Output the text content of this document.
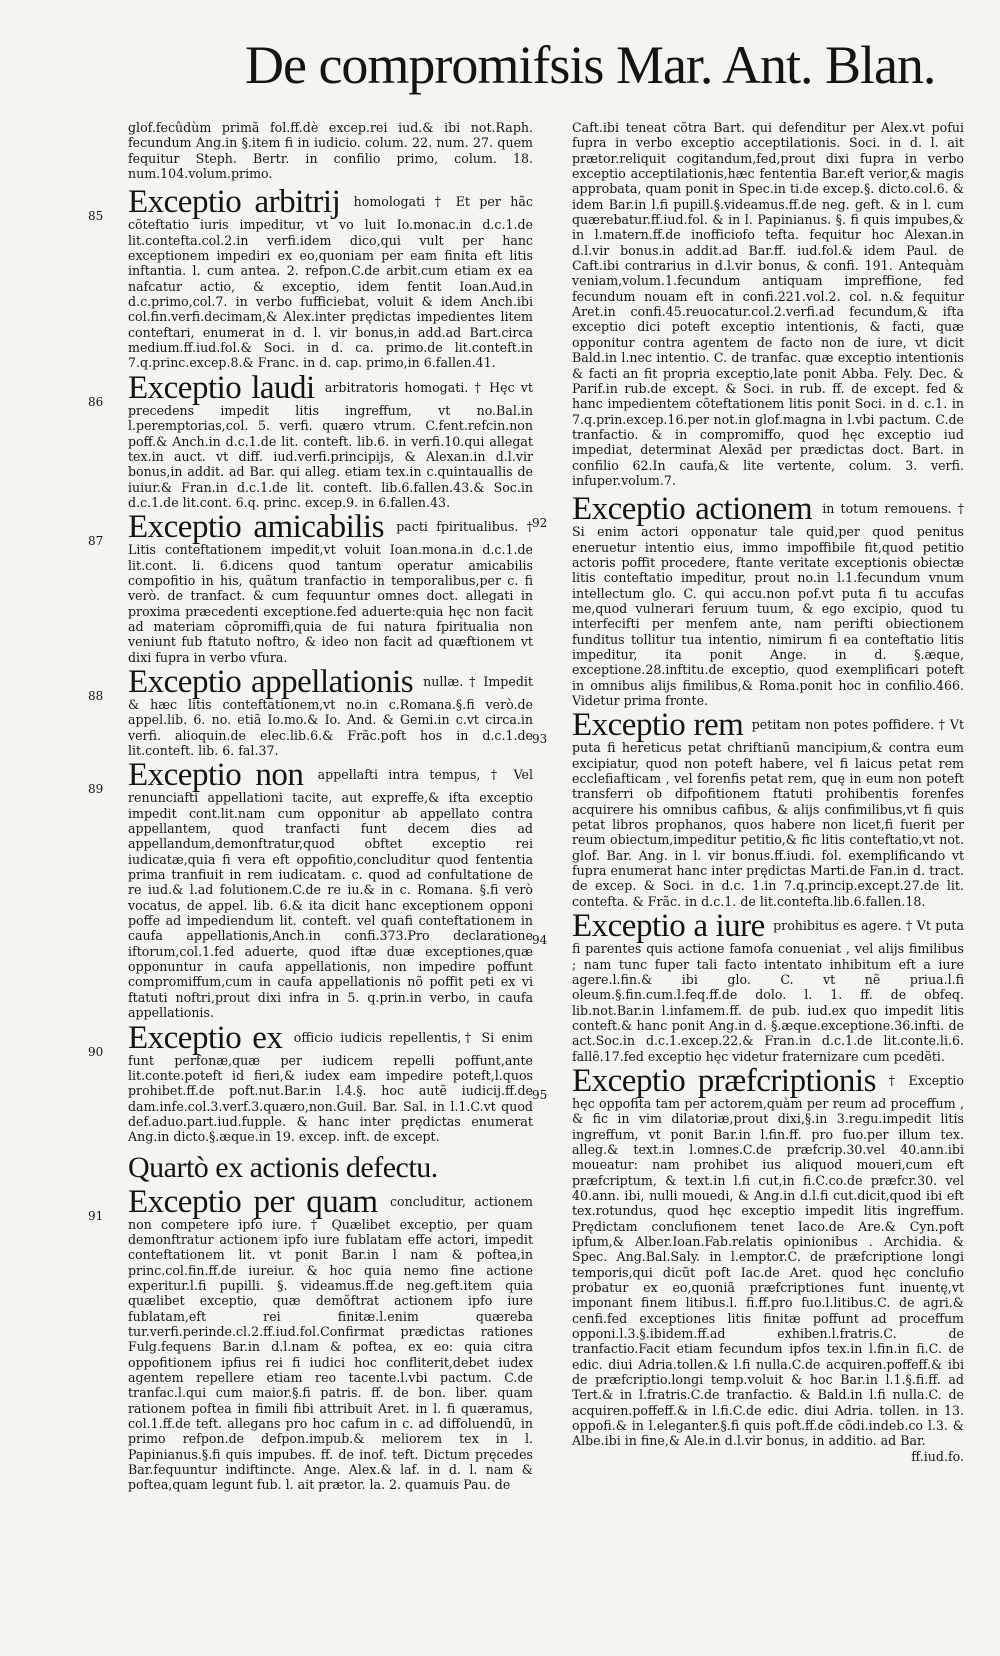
De compromifsis Mar. Ant. Blan.
glof.fecûdùm primã fol.ff.dè excep.rei iud.& ibi not.Raph. fecundum Ang.in §.item fi in iudicio. colum. 22. num. 27. quem fequitur Steph. Bertr. in confilio primo, colum. 18. num.104.volum.primo.
85 Exceptio arbitrij homologati † Et per hãc cõteftatio iuris impeditur, vt vo luit Io.monac.in d.c.1.de lit.contefta.col.2.in verfi.idem dico,qui vult per hanc exceptionem impediri ex eo,quoniam per eam finita eft litis inftantia. l. cum antea. 2. refpon.C.de arbit.cum etiam ex ea nafcatur actio, & exceptio, idem fentit Ioan.Aud.in d.c.primo,col.7. in verbo fufficiebat, voluit & idem Anch.ibi col.fin.verfi.decimam,& Alex.inter prędictas impedientes litem conteftari, enumerat in d. l. vir bonus,in add.ad Bart.circa medium.ff.iud.fol.& Soci. in d. ca. primo.de lit.conteft.in 7.q.princ.excep.8.& Franc. in d. cap. primo,in 6.fallen.41.
86 Exceptio laudi arbitratoris homogati. † Hęc vt precedens impedit litis ingreffum, vt no.Bal.in l.peremptorias,col. 5. verfi. quæro vtrum. C.fent.refcin.non poff.& Anch.in d.c.1.de lit. conteft. lib.6. in verfi.10.qui allegat tex.in auct. vt diff. iud.verfi.principijs, & Alexan.in d.l.vir bonus,in addit. ad Bar. qui alleg. etiam tex.in c.quintauallis de iuiur.& Fran.in d.c.1.de lit. conteft. lib.6.fallen.43.& Soc.in d.c.1.de lit.cont. 6.q. princ. excep.9. in 6.fallen.43.
87 Exceptio amicabilis pacti fpiritualibus. † Litis conteftationem impedit,vt voluit Ioan.mona.in d.c.1.de lit.cont. li. 6.dicens quod tantum operatur amicabilis compofitio in his, quãtum tranfactio in temporalibus,per c. fi verò. de tranfact. & cum fequuntur omnes doct. allegati in proxima præcedenti exceptione.fed aduerte:quia hęc non facit ad materiam cõpromiffi,quia de fui natura fpiritualia non veniunt fub ftatuto noftro, & ideo non facit ad quæftionem vt dixi fupra in verbo vfura.
88 Exceptio appellationis nullæ. † Impedit & hæc litis conteftationem,vt no.in c.Romana.§.fi verò.de appel.lib. 6. no. etiã Io.mo.& Io. And. & Gemi.in c.vt circa.in verfi. alioquin.de elec.lib.6.& Frãc.poft hos in d.c.1.de lit.conteft. lib. 6. fal.37.
89 Exceptio non appellafti intra tempus, † Vel renunciafti appellationi tacite, aut expreffe,& ifta exceptio impedit cont.lit.nam cum opponitur ab appellato contra appellantem, quod tranfacti funt decem dies ad appellandum,demonftratur,quod obftet exceptio rei iudicatæ,quia fi vera eft oppofitio,concluditur quod fententia prima tranfiuit in rem iudicatam. c. quod ad confultatione de re iud.& l.ad folutionem.C.de re iu.& in c. Romana. §.fi verò vocatus, de appel. lib. 6.& ita dicit hanc exceptionem opponi poffe ad impediendum lit. conteft. vel quafi conteftationem in caufa appellationis,Anch.in confi.373.Pro declaratione iftorum,col.1.fed aduerte, quod iftæ duæ exceptiones,quæ opponuntur in caufa appellationis, non impedire poffunt compromiffum,cum in caufa appellationis nõ poffit peti ex vi ftatuti noftri,prout dixi infra in 5. q.prin.in verbo, in caufa appellationis.
90 Exceptio ex officio iudicis repellentis,† Si enim funt perfonæ,quæ per iudicem repelli poffunt,ante lit.conte.poteft id fieri,& iudex eam impedire poteft,l.quos prohibet.ff.de poft.nut.Bar.in l.4.§. hoc autẽ iudicij.ff.de dam.infe.col.3.verf.3.quæro,non.Guil. Bar. Sal. in l.1.C.vt quod def.aduo.part.iud.fupple. & hanc inter prędictas enumerat Ang.in dicto.§.æque.in 19. excep. inft. de except.
Quartò ex actionis defectu.
91 Exceptio per quam concluditur, actionem non competere ipfo iure. † Quælibet exceptio, per quam demonftratur actionem ipfo iure fublatam effe actori, impedit conteftationem lit. vt ponit Bar.in l nam & poftea,in princ.col.fin.ff.de iureiur. & hoc quia nemo fine actione experitur.l.fi pupilli. §. videamus.ff.de neg.geft.item quia quælibet exceptio, quæ demõftrat actionem ipfo iure fublatam,eft rei finitæ.l.enim quæreba tur.verfi.perinde.cl.2.ff.iud.fol.Confirmat prædictas rationes Fulg.fequens Bar.in d.l.nam & poftea, ex eo: quia citra oppofitionem ipfius rei fi iudici hoc confliterit,debet iudex agentem repellere etiam reo tacente.l.vbi pactum. C.de tranfac.l.qui cum maior.§.fi patris. ff. de bon. liber. quam rationem poftea in fimili fibi attribuit Aret. in l. fi quæramus, col.1.ff.de teft. allegans pro hoc cafum in c. ad diffoluendũ, in primo refpon.de defpon.impub.& meliorem tex in l. Papinianus.§.fi quis impubes. ff. de inof. teft. Dictum pręcedes Bar.fequuntur indiftincte. Ange. Alex.& laf. in d. l. nam & poftea,quam legunt fub. l. ait prætor. la. 2. quamuis Pau. de
Caft.ibi teneat cõtra Bart. qui defenditur per Alex.vt pofui fupra in verbo exceptio acceptilationis. Soci. in d. l. ait prætor.reliquit cogitandum,fed,prout dixi fupra in verbo exceptio acceptilationis,hæc fententia Bar.eft verior,& magis approbata, quam ponit in Spec.in ti.de excep.§. dicto.col.6. & idem Bar.in l.fi pupill.§.videamus.ff.de neg. geft. & in l. cum quærebatur.ff.iud.fol. & in l. Papinianus. §. fi quis impubes,& in l.matern.ff.de inofficiofo tefta. fequitur hoc Alexan.in d.l.vir bonus.in addit.ad Bar.ff. iud.fol.& idem Paul. de Caft.ibi contrarius in d.l.vir bonus, & confi. 191. Antequàm veniam,volum.1.fecundum antiquam impreffione, fed fecundum nouam eft in confi.221.vol.2. col. n.& fequitur Aret.in confi.45.reuocatur.col.2.verfi.ad fecundum,& ifta exceptio dici poteft exceptio intentionis, & facti, quæ opponitur contra agentem de facto non de iure, vt dicit Bald.in l.nec intentio. C. de tranfac. quæ exceptio intentionis & facti an fit propria exceptio,late ponit Abba. Fely. Dec. & Parif.in rub.de except. & Soci. in rub. ff. de except. fed & hanc impedientem cõteftationem litis ponit Soci. in d. c.1. in 7.q.prin.excep.16.per not.in glof.magna in l.vbi pactum. C.de tranfactio. & in compromiffo, quod hęc exceptio iud impediat, determinat Alexãd per prædictas doct. Bart. in confilio 62.In caufa,& lite vertente, colum. 3. verfi. infuper.volum.7.
92 Exceptio actionem in totum remouens. † Si enim actori opponatur tale quid,per quod penitus eneruetur intentio eius, immo impoffibile fit,quod petitio actoris poffit procedere, ftante veritate exceptionis obiectæ litis conteftatio impeditur, prout no.in l.1.fecundum vnum intellectum glo. C. qui accu.non pof.vt puta fi tu accufas me,quod vulnerari feruum tuum, & ego excipio, quod tu interfecifti per menfem ante, nam perifti obiectionem funditus tollitur tua intentio, nimirum fi ea conteftatio litis impeditur, ita ponit Ange. in d. §.æque, exceptione.28.inftitu.de exceptio, quod exemplificari poteft in omnibus alijs fimilibus,& Roma.ponit hoc in confilio.466. Videtur prima fronte.
93 Exceptio rem petitam non potes poffidere. † Vt puta fi hereticus petat chriftianũ mancipium,& contra eum excipiatur, quod non poteft habere, vel fi laicus petat rem ecclefiafticam , vel forenfis petat rem, quę in eum non poteft transferri ob difpofitionem ftatuti prohibentis forenfes acquirere his omnibus cafibus, & alijs confimilibus,vt fi quis petat libros prophanos, quos habere non licet,fi fuerit per reum obiectum,impeditur petitio,& fic litis conteftatio,vt not. glof. Bar. Ang. in l. vir bonus.ff.iudi. fol. exemplificando vt fupra enumerat hanc inter prędictas Marti.de Fan.in d. tract. de excep. & Soci. in d.c. 1.in 7.q.princip.except.27.de lit. contefta. & Frãc. in d.c.1. de lit.contefta.lib.6.fallen.18.
94 Exceptio a iure prohibitus es agere. † Vt puta fi parentes quis actione famofa conueniat , vel alijs fimilibus ; nam tunc fuper tali facto intentato inhibitum eft a iure agere.l.fin.& ibi glo. C. vt nẽ priua.l.fi oleum.§.fin.cum.l.feq.ff.de dolo. l. 1. ff. de obfeq. lib.not.Bar.in l.infamem.ff. de pub. iud.ex quo impedit litis conteft.& hanc ponit Ang.in d. §.æque.exceptione.36.infti. de act.Soc.in d.c.1.excep.22.& Fran.in d.c.1.de lit.conte.li.6. fallẽ.17.fed exceptio hęc videtur fraternizare cum pcedẽti.
95 Exceptio præfcriptionis † Exceptio hęc oppofita tam per actorem,quàm per reum ad proceffum , & fic in vim dilatoriæ,prout dixi,§.in 3.regu.impedit litis ingreffum, vt ponit Bar.in l.fin.ff. pro fuo.per illum tex. alleg.& text.in l.omnes.C.de præfcrip.30.vel 40.ann.ibi moueatur: nam prohibet ius aliquod moueri,cum eft præfcriptum, & text.in l.fi cut,in fi.C.co.de præfcr.30. vel 40.ann. ibi, nulli mouedi, & Ang.in d.l.fi cut.dicit,quod ibi eft tex.rotundus, quod hęc exceptio impedit litis ingreffum. Prędictam conclufionem tenet Iaco.de Are.& Cyn.poft ipfum,& Alber.Ioan.Fab.relatis opinionibus . Archidia. & Spec. Ang.Bal.Saly. in l.emptor.C. de præfcriptione longi temporis,qui dicũt poft Iac.de Aret. quod hęc conclufio probatur ex eo,quoniã præfcriptiones funt inuentę,vt imponant finem litibus.l. fi.ff.pro fuo.l.litibus.C. de agri.& cenfi.fed exceptiones litis finitæ poffunt ad proceffum opponi.l.3.§.ibidem.ff.ad exhiben.l.fratris.C. de tranfactio.Facit etiam fecundum ipfos tex.in l.fin.in fi.C. de edic. diui Adria.tollen.& l.fi nulla.C.de acquiren.poffeff.& ibi de præfcriptio.longi temp.voluit & hoc Bar.in l.1.§.fi.ff. ad Tert.& in l.fratris.C.de tranfactio. & Bald.in l.fi nulla.C. de acquiren.poffeff.& in l.fi.C.de edic. diui Adria. tollen. in 13. oppofi.& in l.eleganter.§.fi quis poft.ff.de cõdi.indeb.co l.3. & Albe.ibi in fine,& Ale.in d.l.vir bonus, in additio. ad Bar.
ff.iud.fo.
